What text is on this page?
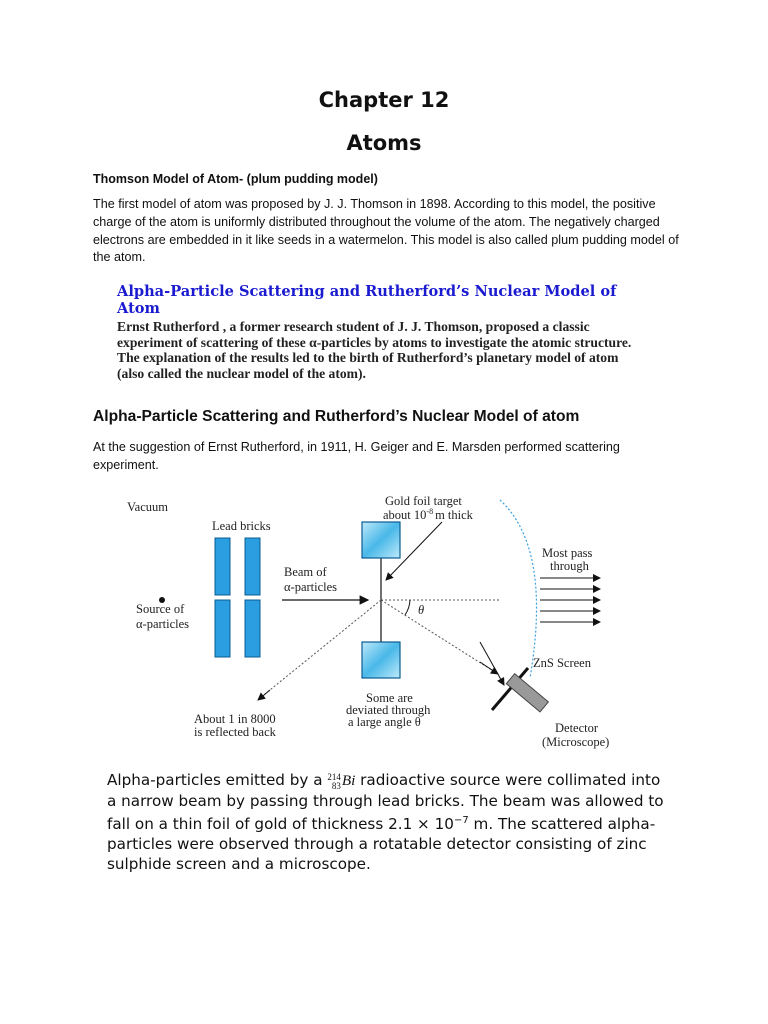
Chapter 12
Atoms

Thomson Model of Atom- (plum pudding model)

The first model of atom was proposed by J. J. Thomson in 1898. According to this model, the positive charge of the atom is uniformly distributed throughout the volume of the atom. The negatively charged electrons are embedded in it like seeds in a watermelon. This model is also called plum pudding model of the atom.

Alpha-Particle Scattering and Rutherford’s Nuclear Model of Atom

Ernst Rutherford , a former research student of J. J. Thomson, proposed a classic experiment of scattering of these α-particles by atoms to investigate the atomic structure. The explanation of the results led to the birth of Rutherford’s planetary model of atom (also called the nuclear model of the atom).

Alpha-Particle Scattering and Rutherford’s Nuclear Model of atom

At the suggestion of Ernst Rutherford, in 1911, H. Geiger and E. Marsden performed scattering experiment.

Vacuum
Lead bricks
Source of
α-particles
Beam of
α-particles
Gold foil target
about $10^{-8}$ m thick
θ
Most pass
through
ZnS Screen
Some are
deviated through
a large angle θ
About 1 in 8000
is reflected back	Detector
(Microscope)

Alpha-particles emitted by a 214
83Bi radioactive source were collimated into a narrow beam by passing through lead bricks. The beam was allowed to fall on a thin foil of gold of thickness $2.1 \times 10^{-7}$ m. The scattered alpha-particles were observed through a rotatable detector consisting of zinc sulphide screen and a microscope.
